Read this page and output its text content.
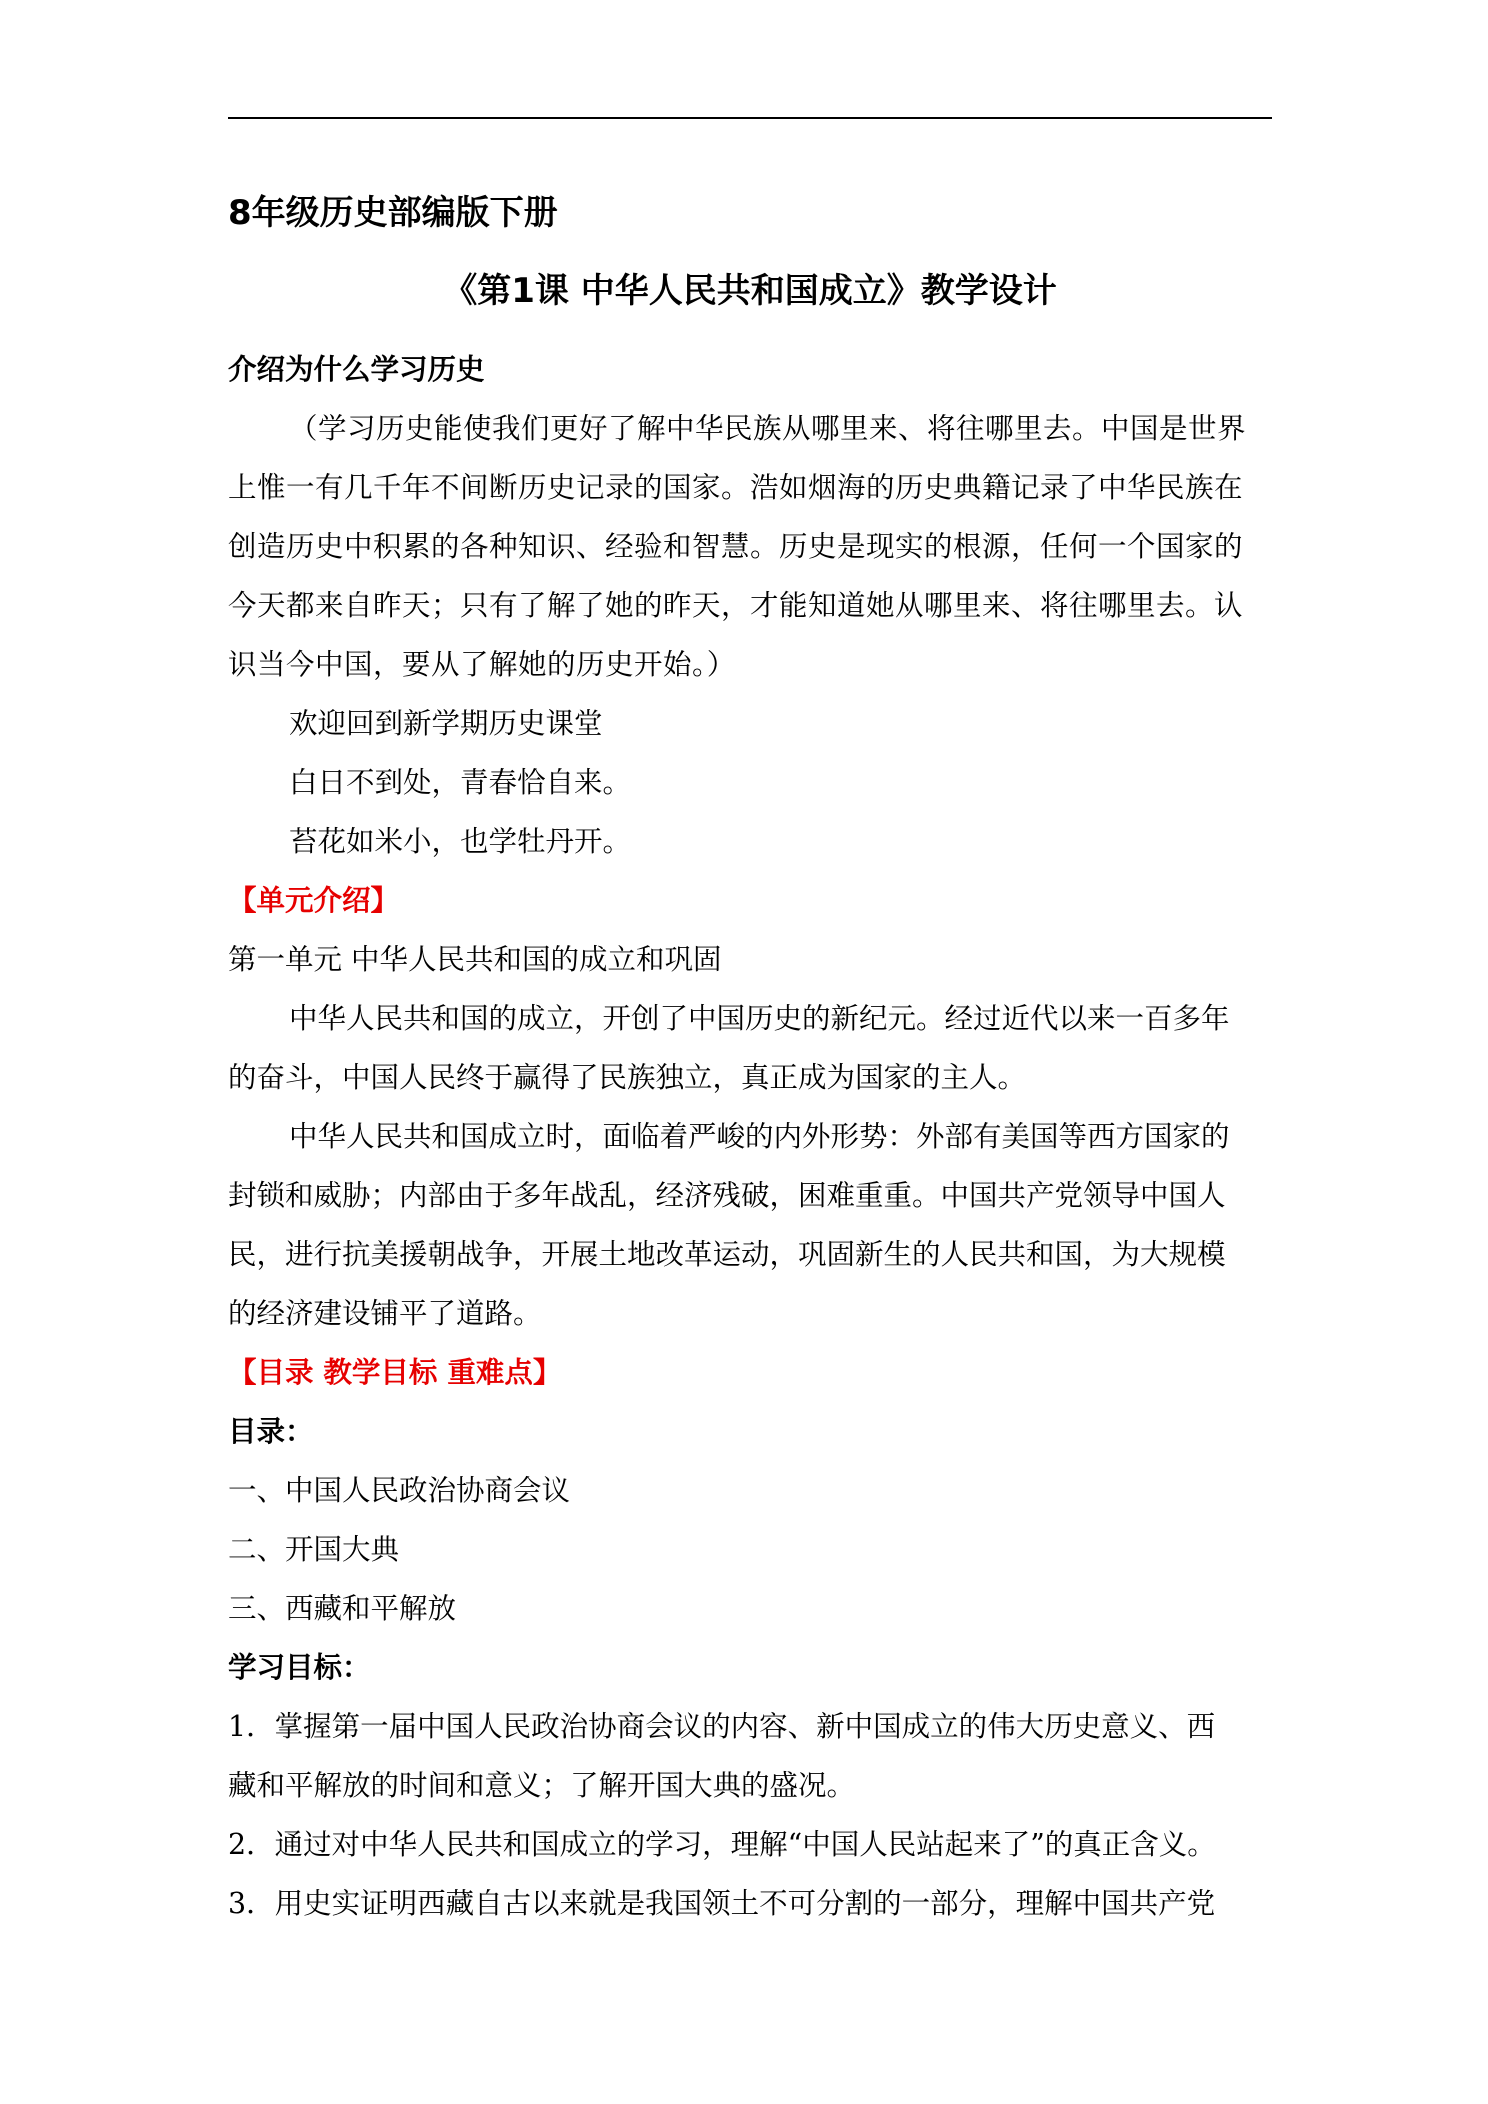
8年级历史部编版下册
《第1课 中华人民共和国成立》教学设计
介绍为什么学习历史
（学习历史能使我们更好了解中华民族从哪里来、将往哪里去。中国是世界
上惟一有几千年不间断历史记录的国家。浩如烟海的历史典籍记录了中华民族在
创造历史中积累的各种知识、经验和智慧。历史是现实的根源，任何一个国家的
今天都来自昨天；只有了解了她的昨天，才能知道她从哪里来、将往哪里去。认
识当今中国，要从了解她的历史开始。）
欢迎回到新学期历史课堂
白日不到处，青春恰自来。
苔花如米小，也学牡丹开。
【单元介绍】
第一单元 中华人民共和国的成立和巩固
中华人民共和国的成立，开创了中国历史的新纪元。经过近代以来一百多年
的奋斗，中国人民终于赢得了民族独立，真正成为国家的主人。
中华人民共和国成立时，面临着严峻的内外形势：外部有美国等西方国家的
封锁和威胁；内部由于多年战乱，经济残破，困难重重。中国共产党领导中国人
民，进行抗美援朝战争，开展土地改革运动，巩固新生的人民共和国，为大规模
的经济建设铺平了道路。
【目录 教学目标 重难点】
目录：
一、中国人民政治协商会议
二、开国大典
三、西藏和平解放
学习目标：
1．掌握第一届中国人民政治协商会议的内容、新中国成立的伟大历史意义、西
藏和平解放的时间和意义；了解开国大典的盛况。
2．通过对中华人民共和国成立的学习，理解“中国人民站起来了”的真正含义。
3．用史实证明西藏自古以来就是我国领土不可分割的一部分，理解中国共产党
